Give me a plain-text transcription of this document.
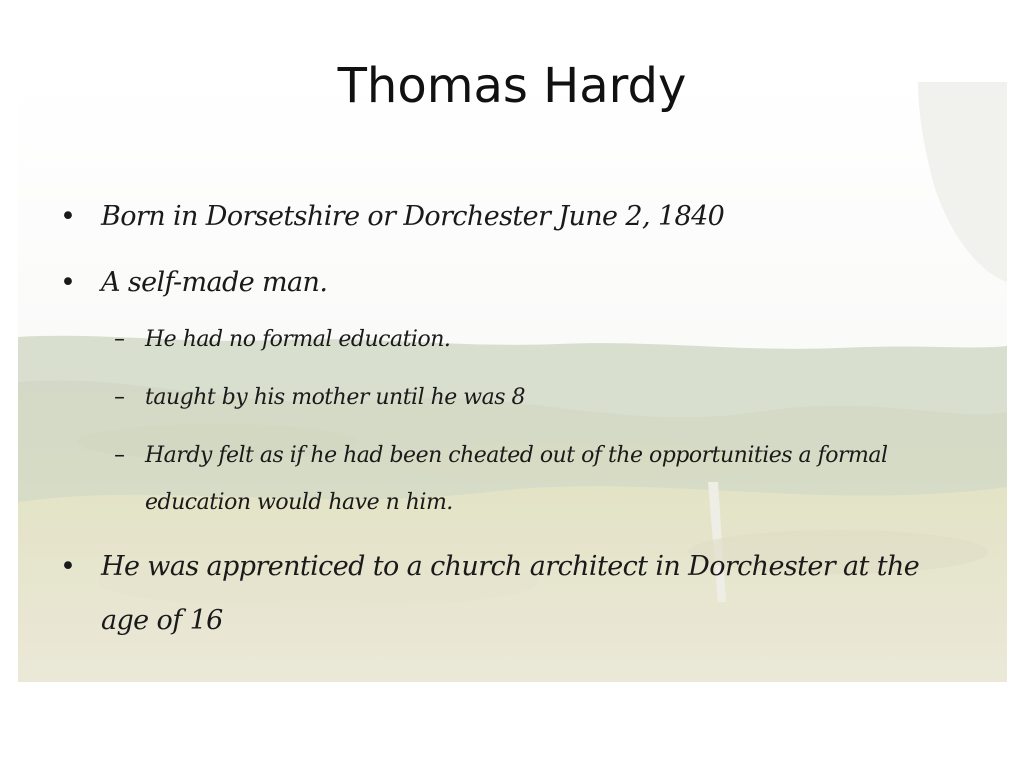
Thomas Hardy
• Born in Dorsetshire or Dorchester June 2, 1840
• A self-made man.
– He had no formal education.
– taught by his mother until he was 8
– Hardy felt as if he had been cheated out of the opportunities a formal education would have n him.
• He was apprenticed to a church architect in Dorchester at the age of 16
